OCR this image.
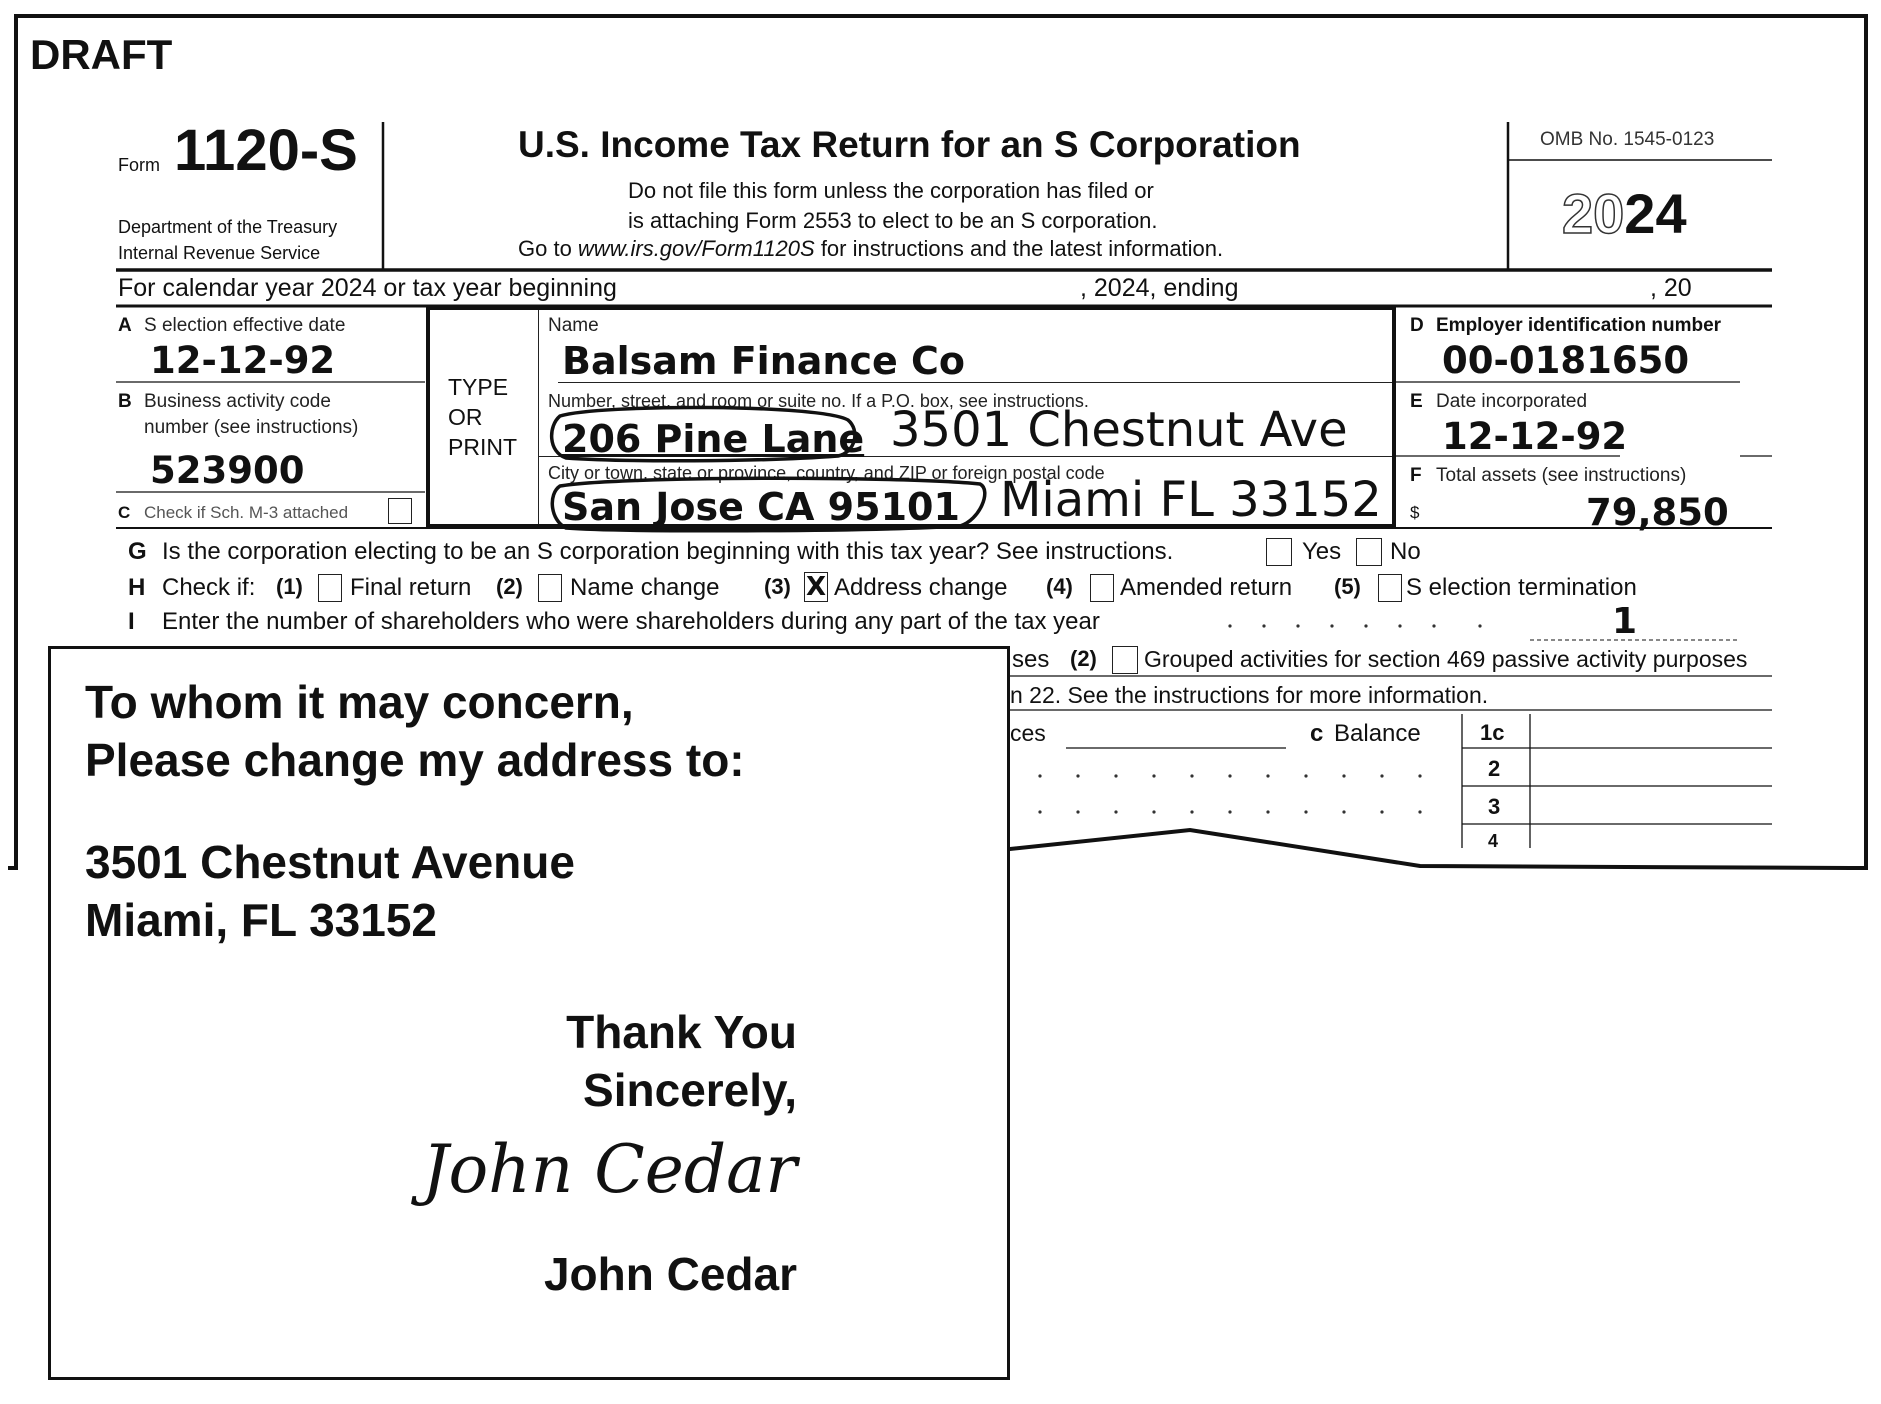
DRAFT
Form 1120-S
Department of the Treasury
Internal Revenue Service
U.S. Income Tax Return for an S Corporation
Do not file this form unless the corporation has filed or
is attaching Form 2553 to elect to be an S corporation.
Go to www.irs.gov/Form1120S for instructions and the latest information.
OMB No. 1545-0123
2024
For calendar year 2024 or tax year beginning	, 2024, ending	, 20
A S election effective date
12-12-92
B Business activity code
number (see instructions)
523900
C Check if Sch. M-3 attached
TYPE
OR
PRINT
Name
Balsam Finance Co
Number, street, and room or suite no. If a P.O. box, see instructions.
206 Pine Lane 3501 Chestnut Ave
City or town, state or province, country, and ZIP or foreign postal code
San Jose CA 95101 Miami FL 33152
D Employer identification number
00-0181650
E Date incorporated
12-12-92
F Total assets (see instructions)
$	79,850
G Is the corporation electing to be an S corporation beginning with this tax year? See instructions.	Yes No
H Check if: (1) Final return (2) Name change (3) X Address change (4) Amended return (5) S election termination
I Enter the number of shareholders who were shareholders during any part of the tax year	1
ses (2) Grouped activities for section 469 passive activity purposes
n 22. See the instructions for more information.
ces	c Balance	1c
2
3
4
To whom it may concern,
Please change my address to:
3501 Chestnut Avenue
Miami, FL 33152
Thank You
Sincerely,
John Cedar
John Cedar
